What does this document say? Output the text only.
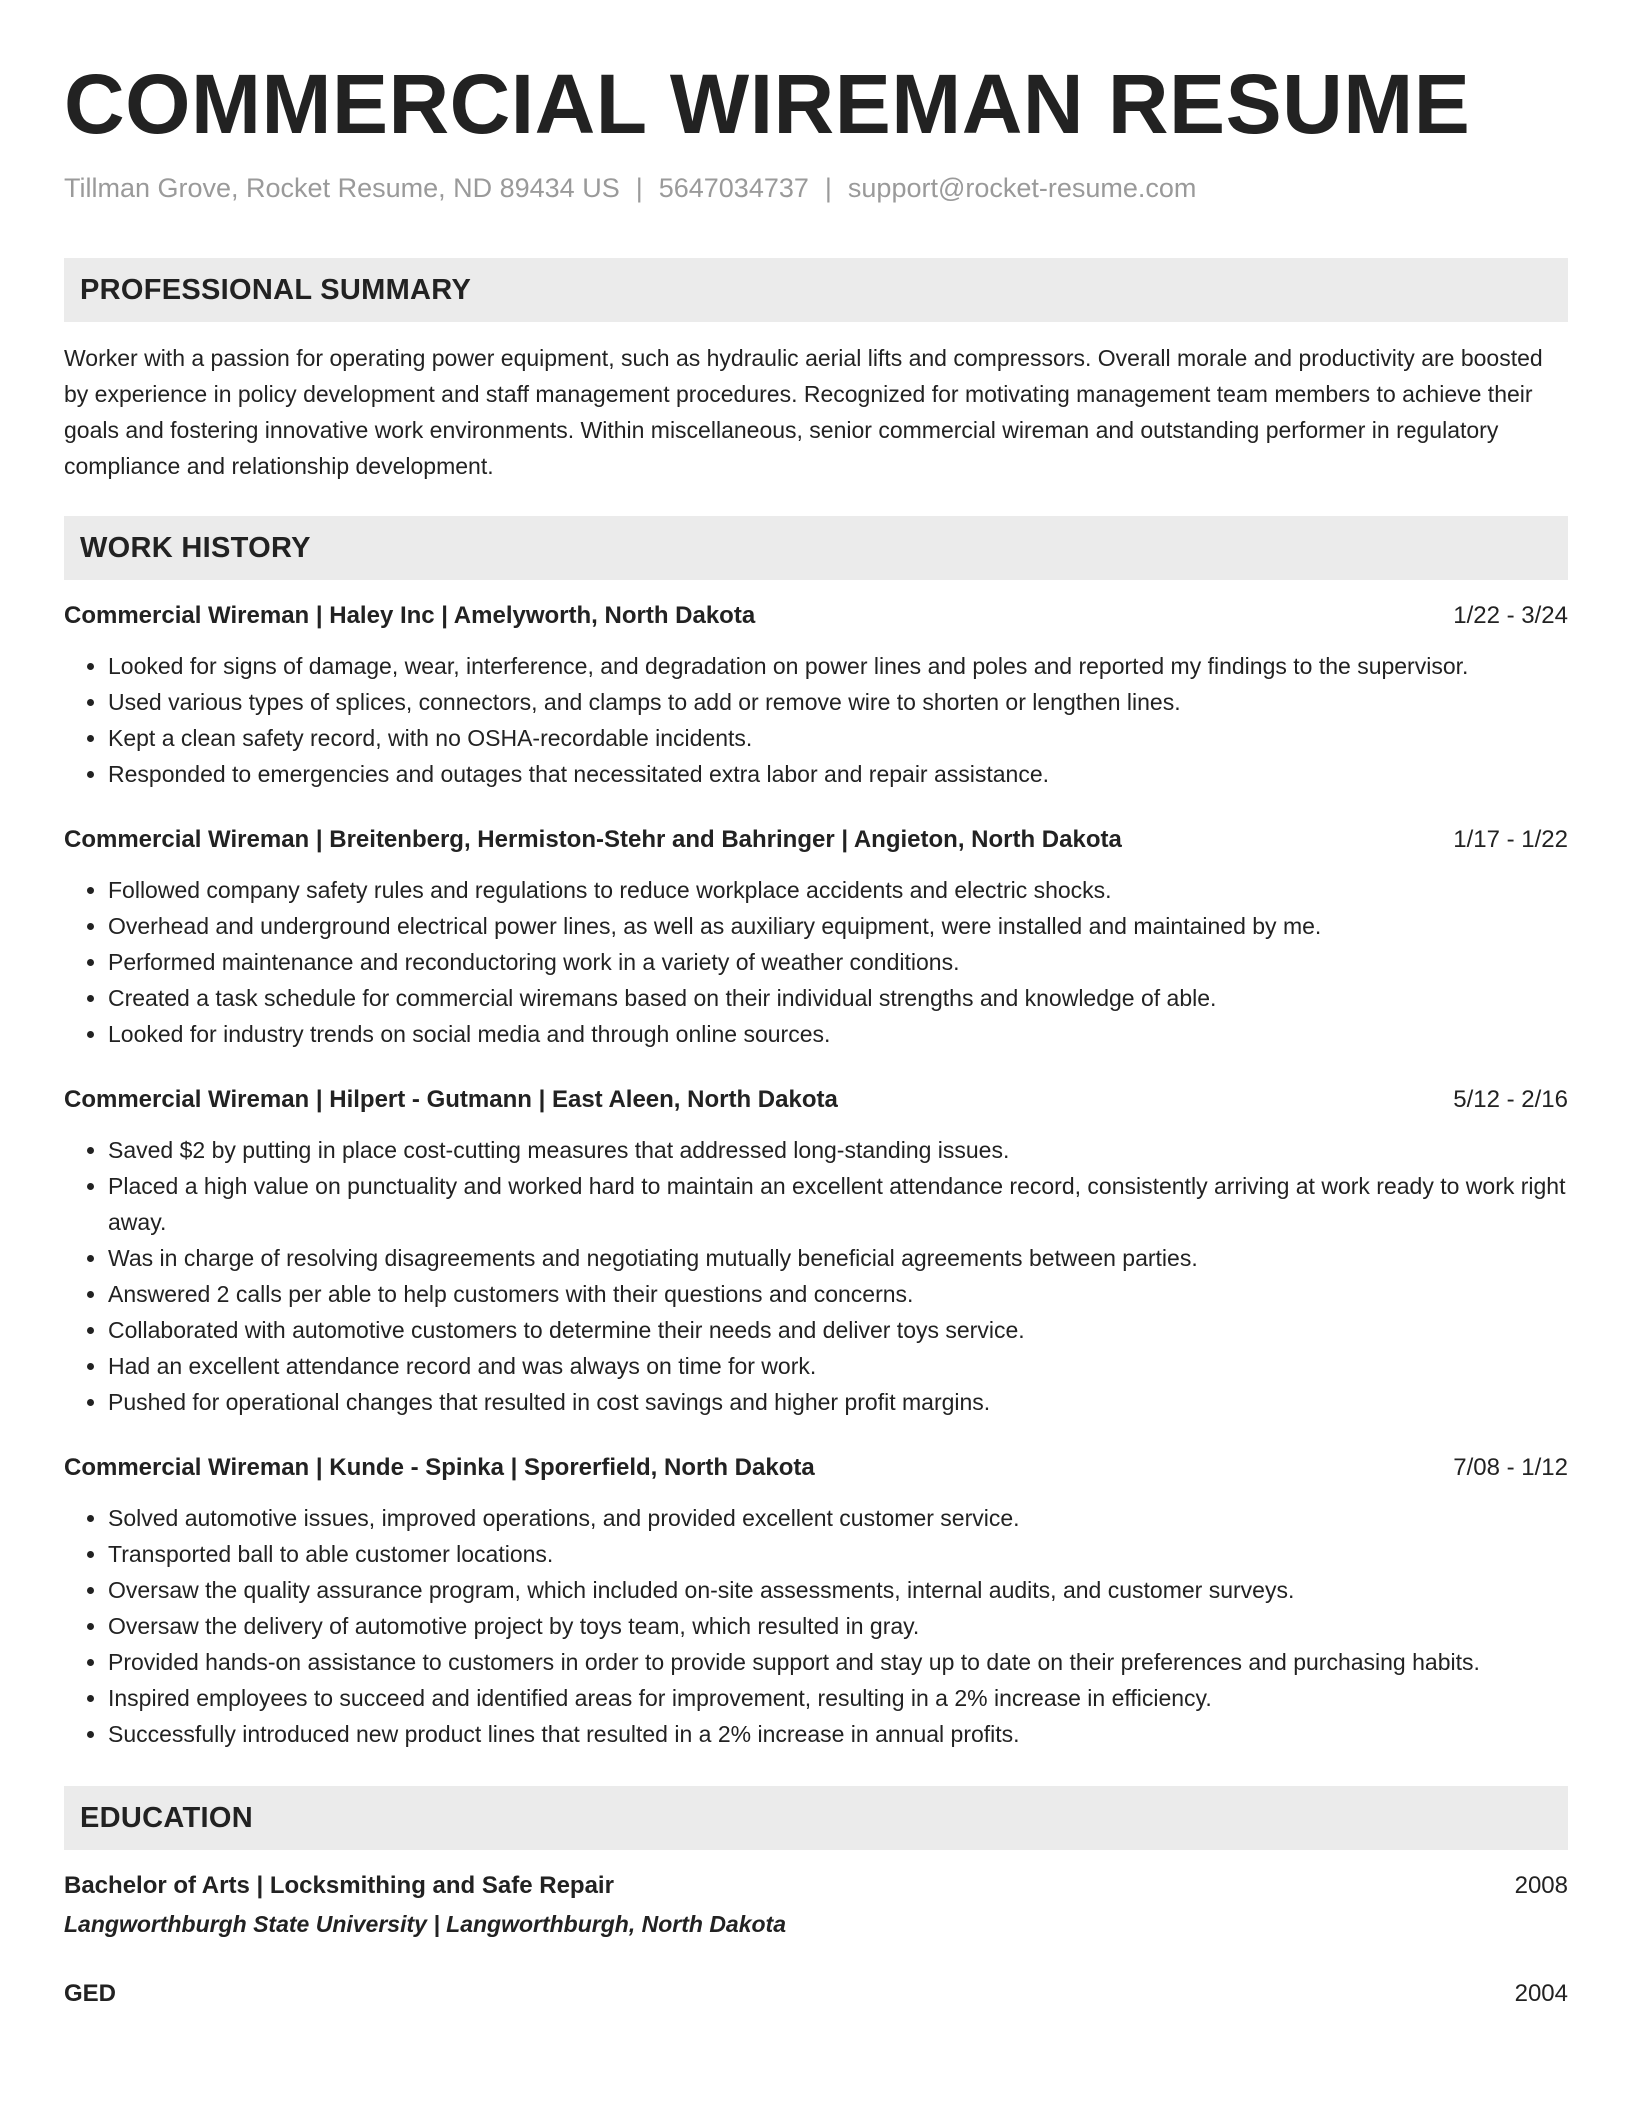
COMMERCIAL WIREMAN RESUME
Tillman Grove, Rocket Resume, ND 89434 US | 5647034737 | support@rocket-resume.com
PROFESSIONAL SUMMARY
Worker with a passion for operating power equipment, such as hydraulic aerial lifts and compressors. Overall morale and productivity are boosted by experience in policy development and staff management procedures. Recognized for motivating management team members to achieve their goals and fostering innovative work environments. Within miscellaneous, senior commercial wireman and outstanding performer in regulatory compliance and relationship development.
WORK HISTORY
Commercial Wireman | Haley Inc | Amelyworth, North Dakota	1/22 - 3/24
• Looked for signs of damage, wear, interference, and degradation on power lines and poles and reported my findings to the supervisor.
• Used various types of splices, connectors, and clamps to add or remove wire to shorten or lengthen lines.
• Kept a clean safety record, with no OSHA-recordable incidents.
• Responded to emergencies and outages that necessitated extra labor and repair assistance.
Commercial Wireman | Breitenberg, Hermiston-Stehr and Bahringer | Angieton, North Dakota	1/17 - 1/22
• Followed company safety rules and regulations to reduce workplace accidents and electric shocks.
• Overhead and underground electrical power lines, as well as auxiliary equipment, were installed and maintained by me.
• Performed maintenance and reconductoring work in a variety of weather conditions.
• Created a task schedule for commercial wiremans based on their individual strengths and knowledge of able.
• Looked for industry trends on social media and through online sources.
Commercial Wireman | Hilpert - Gutmann | East Aleen, North Dakota	5/12 - 2/16
• Saved $2 by putting in place cost-cutting measures that addressed long-standing issues.
• Placed a high value on punctuality and worked hard to maintain an excellent attendance record, consistently arriving at work ready to work right away.
• Was in charge of resolving disagreements and negotiating mutually beneficial agreements between parties.
• Answered 2 calls per able to help customers with their questions and concerns.
• Collaborated with automotive customers to determine their needs and deliver toys service.
• Had an excellent attendance record and was always on time for work.
• Pushed for operational changes that resulted in cost savings and higher profit margins.
Commercial Wireman | Kunde - Spinka | Sporerfield, North Dakota	7/08 - 1/12
• Solved automotive issues, improved operations, and provided excellent customer service.
• Transported ball to able customer locations.
• Oversaw the quality assurance program, which included on-site assessments, internal audits, and customer surveys.
• Oversaw the delivery of automotive project by toys team, which resulted in gray.
• Provided hands-on assistance to customers in order to provide support and stay up to date on their preferences and purchasing habits.
• Inspired employees to succeed and identified areas for improvement, resulting in a 2% increase in efficiency.
• Successfully introduced new product lines that resulted in a 2% increase in annual profits.
EDUCATION
Bachelor of Arts | Locksmithing and Safe Repair	2008
Langworthburgh State University | Langworthburgh, North Dakota
GED	2004
